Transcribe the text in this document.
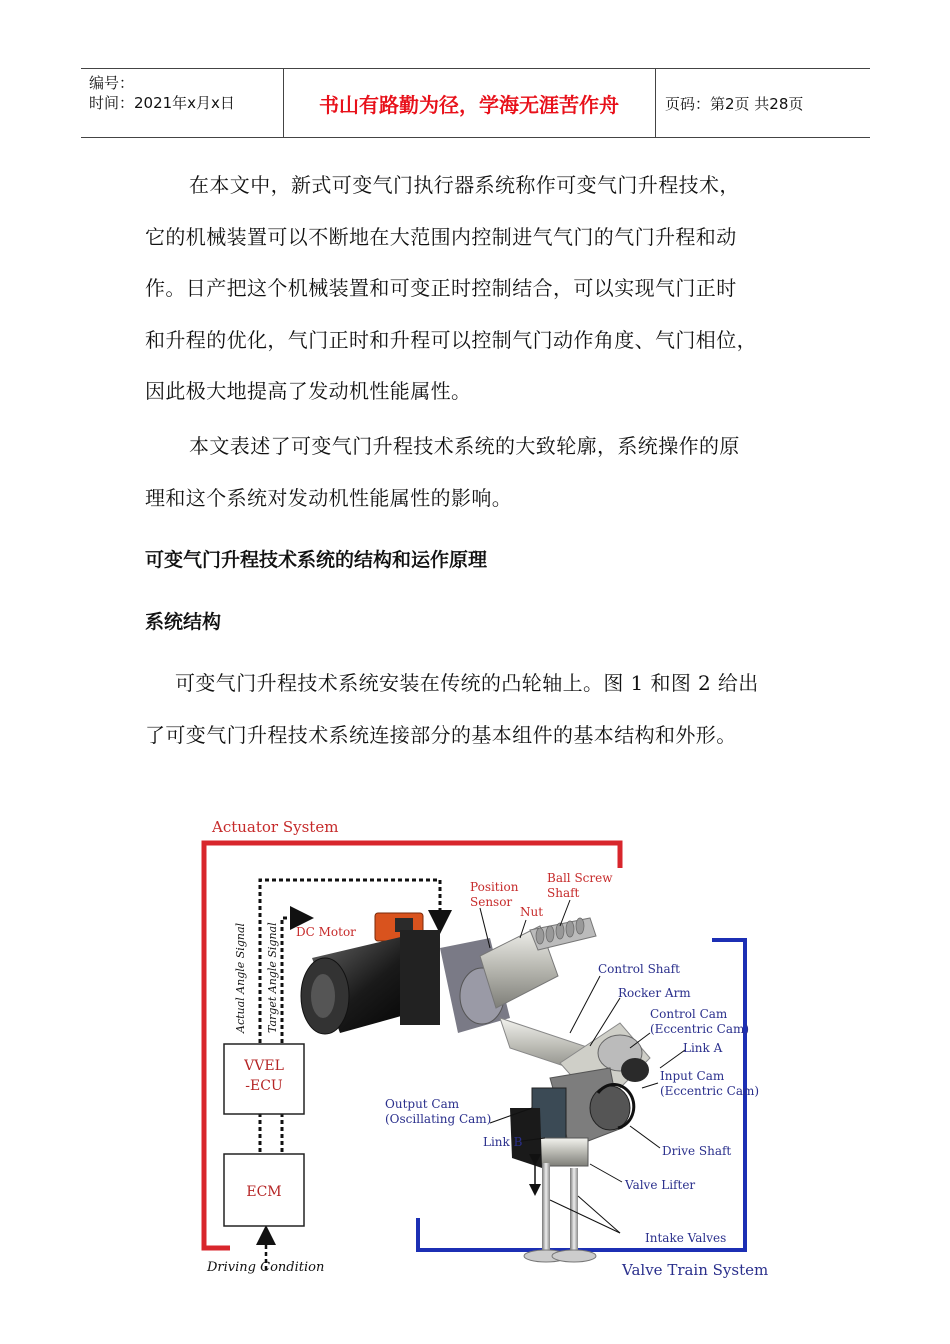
编号：
时间：2021年x月x日	书山有路勤为径，学海无涯苦作舟	页码：第2页 共28页
在本文中，新式可变气门执行器系统称作可变气门升程技术，
它的机械装置可以不断地在大范围内控制进气气门的气门升程和动
作。日产把这个机械装置和可变正时控制结合，可以实现气门正时
和升程的优化，气门正时和升程可以控制气门动作角度、气门相位，
因此极大地提高了发动机性能属性。
本文表述了可变气门升程技术系统的大致轮廓，系统操作的原
理和这个系统对发动机性能属性的影响。
可变气门升程技术系统的结构和运作原理
系统结构
可变气门升程技术系统安装在传统的凸轮轴上。图 1 和图 2 给出
了可变气门升程技术系统连接部分的基本组件的基本结构和外形。
Actuator System
Valve Train System
Actual Angle Signal Target Angle Signal
VVEL
-ECU
ECM
Driving Condition
DC Motor
Position
Sensor
Nut
Ball Screw
Shaft
Control Shaft
Rocker Arm
Control Cam
(Eccentric Cam)
Link A
Input Cam
(Eccentric Cam)
Output Cam
(Oscillating Cam)
Link B
Drive Shaft
Valve Lifter
Intake Valves
